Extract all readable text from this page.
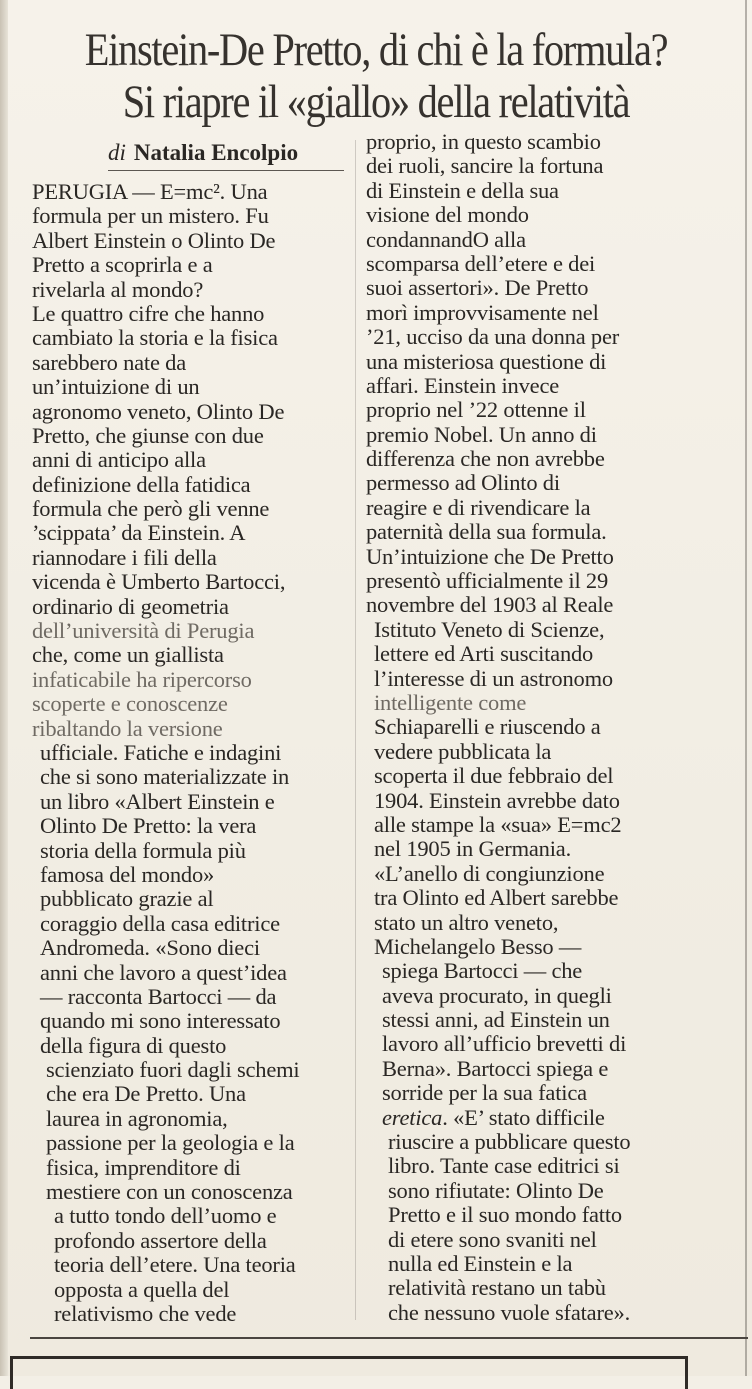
Einstein-De Pretto, di chi è la formula?
Si riapre il «giallo» della relatività
di Natalia Encolpio
PERUGIA — E=mc². Una
formula per un mistero. Fu
Albert Einstein o Olinto De
Pretto a scoprirla e a
rivelarla al mondo?
Le quattro cifre che hanno
cambiato la storia e la fisica
sarebbero nate da
un’intuizione di un
agronomo veneto, Olinto De
Pretto, che giunse con due
anni di anticipo alla
definizione della fatidica
formula che però gli venne
’scippata’ da Einstein. A
riannodare i fili della
vicenda è Umberto Bartocci,
ordinario di geometria
dell’università di Perugia
che, come un giallista
infaticabile ha ripercorso
scoperte e conoscenze
ribaltando la versione
ufficiale. Fatiche e indagini
che si sono materializzate in
un libro «Albert Einstein e
Olinto De Pretto: la vera
storia della formula più
famosa del mondo»
pubblicato grazie al
coraggio della casa editrice
Andromeda. «Sono dieci
anni che lavoro a quest’idea
— racconta Bartocci — da
quando mi sono interessato
della figura di questo
scienziato fuori dagli schemi
che era De Pretto. Una
laurea in agronomia,
passione per la geologia e la
fisica, imprenditore di
mestiere con un conoscenza
a tutto tondo dell’uomo e
profondo assertore della
teoria dell’etere. Una teoria
opposta a quella del
relativismo che vede
proprio, in questo scambio
dei ruoli, sancire la fortuna
di Einstein e della sua
visione del mondo
condannandO alla
scomparsa dell’etere e dei
suoi assertori». De Pretto
morì improvvisamente nel
’21, ucciso da una donna per
una misteriosa questione di
affari. Einstein invece
proprio nel ’22 ottenne il
premio Nobel. Un anno di
differenza che non avrebbe
permesso ad Olinto di
reagire e di rivendicare la
paternità della sua formula.
Un’intuizione che De Pretto
presentò ufficialmente il 29
novembre del 1903 al Reale
Istituto Veneto di Scienze,
lettere ed Arti suscitando
l’interesse di un astronomo
intelligente come
Schiaparelli e riuscendo a
vedere pubblicata la
scoperta il due febbraio del
1904. Einstein avrebbe dato
alle stampe la «sua» E=mc2
nel 1905 in Germania.
«L’anello di congiunzione
tra Olinto ed Albert sarebbe
stato un altro veneto,
Michelangelo Besso —
spiega Bartocci — che
aveva procurato, in quegli
stessi anni, ad Einstein un
lavoro all’ufficio brevetti di
Berna». Bartocci spiega e
sorride per la sua fatica
eretica. «E’ stato difficile
riuscire a pubblicare questo
libro. Tante case editrici si
sono rifiutate: Olinto De
Pretto e il suo mondo fatto
di etere sono svaniti nel
nulla ed Einstein e la
relatività restano un tabù
che nessuno vuole sfatare».
